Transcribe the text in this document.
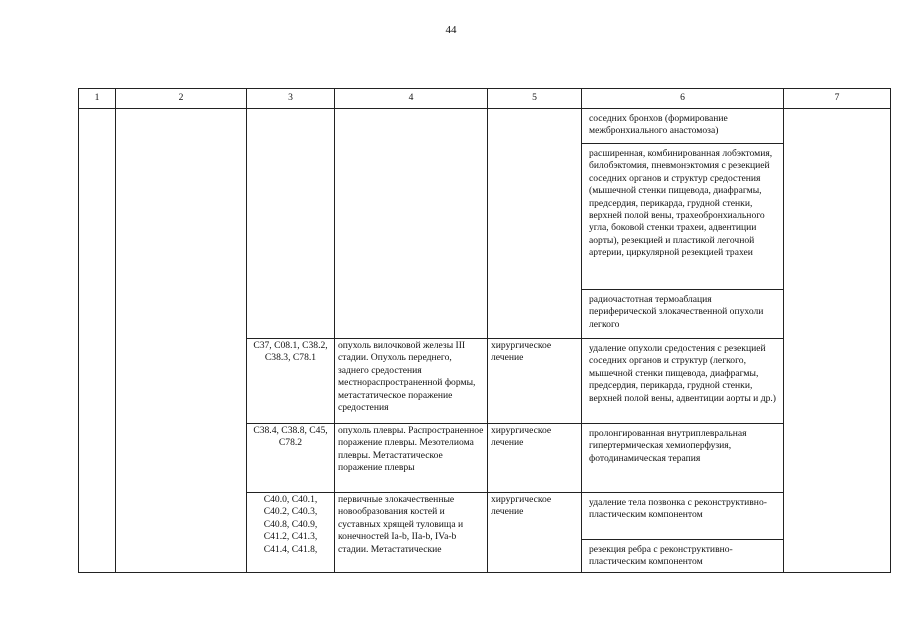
44
1	2	3	4	5	6	7

					соседних бронхов (формирование межбронхиального анастомоза)	

					расширенная, комбинированная лобэктомия, билобэктомия, пневмонэктомия с резекцией соседних органов и структур средостения (мышечной стенки пищевода, диафрагмы, предсердия, перикарда, грудной стенки, верхней полой вены, трахеобронхиального угла, боковой стенки трахеи, адвентиции аорты), резекцией и пластикой легочной артерии, циркулярной резекцией трахеи	

					радиочастотная термоаблация периферической злокачественной опухоли легкого	

		C37, C08.1, C38.2, C38.3, C78.1	опухоль вилочковой железы III стадии. Опухоль переднего, заднего средостения местнораспространенной формы, метастатическое поражение средостения	хирургическое лечение	удаление опухоли средостения с резекцией соседних органов и структур (легкого, мышечной стенки пищевода, диафрагмы, предсердия, перикарда, грудной стенки, верхней полой вены, адвентиции аорты и др.)	

		C38.4, C38.8, C45, C78.2	опухоль плевры. Распространенное поражение плевры. Мезотелиома плевры. Метастатическое поражение плевры	хирургическое лечение	пролонгированная внутриплевральная гипертермическая хемиоперфузия, фотодинамическая терапия	

		C40.0, C40.1, C40.2, C40.3, C40.8, C40.9, C41.2, C41.3, C41.4, C41.8,	первичные злокачественные новообразования костей и суставных хрящей туловища и конечностей Ia-b, IIa-b, IVa-b стадии. Метастатические	хирургическое лечение	удаление тела позвонка с реконструктивно-пластическим компонентом	

					резекция ребра с реконструктивно-пластическим компонентом	
